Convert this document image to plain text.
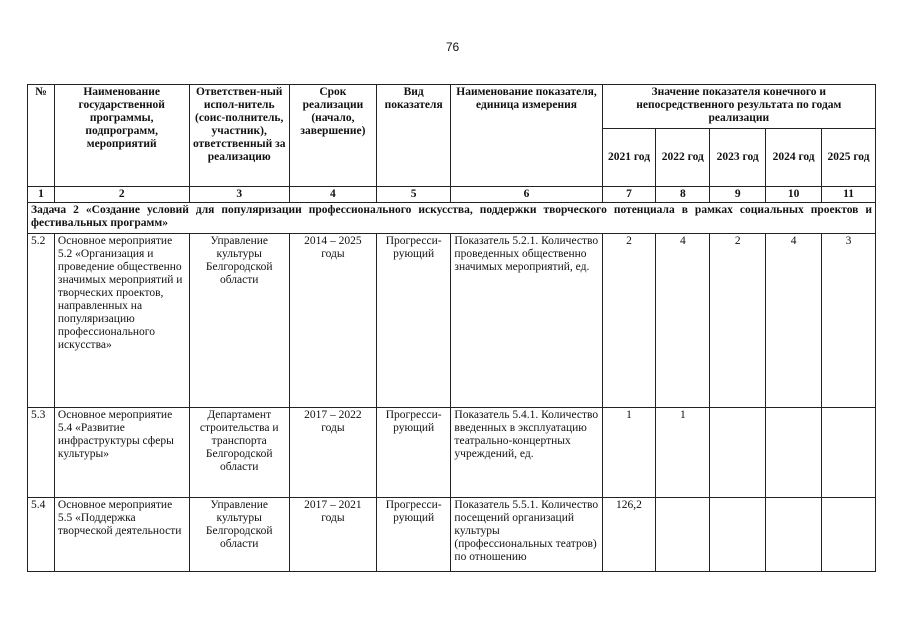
76
№	Наименование государственной программы, подпрограмм, мероприятий	Ответствен-ный испол-нитель (соис-полнитель, участник), ответственный за реализацию	Срок реализации (начало, завершение)	Вид показателя	Наименование показателя, единица измерения	Значение показателя конечного и непосредственного результата по годам реализации				
						2021 год	2022 год	2023 год	2024 год	2025 год
1	2	3	4	5	6	7	8	9	10	11
Задача 2 «Создание условий для популяризации профессионального искусства, поддержки творческого потенциала в рамках социальных проектов и фестивальных программ»										
5.2	Основное мероприятие 5.2 «Организация и проведение общественно значимых мероприятий и творческих проектов, направленных на популяризацию профессионального искусства»	Управление культуры Белгородской области	2014 – 2025 годы	Прогресси-рующий	Показатель 5.2.1. Количество проведенных общественно значимых мероприятий, ед.	2	4	2	4	3
5.3	Основное мероприятие 5.4 «Развитие инфраструктуры сферы культуры»	Департамент строительства и транспорта Белгородской области	2017 – 2022 годы	Прогресси-рующий	Показатель 5.4.1. Количество введенных в эксплуатацию театрально-концертных учреждений, ед.	1	1			
5.4	Основное мероприятие 5.5 «Поддержка творческой деятельности	Управление культуры Белгородской области	2017 – 2021 годы	Прогресси-рующий	Показатель 5.5.1. Количество посещений организаций культуры (профессиональных театров) по отношению	126,2				
